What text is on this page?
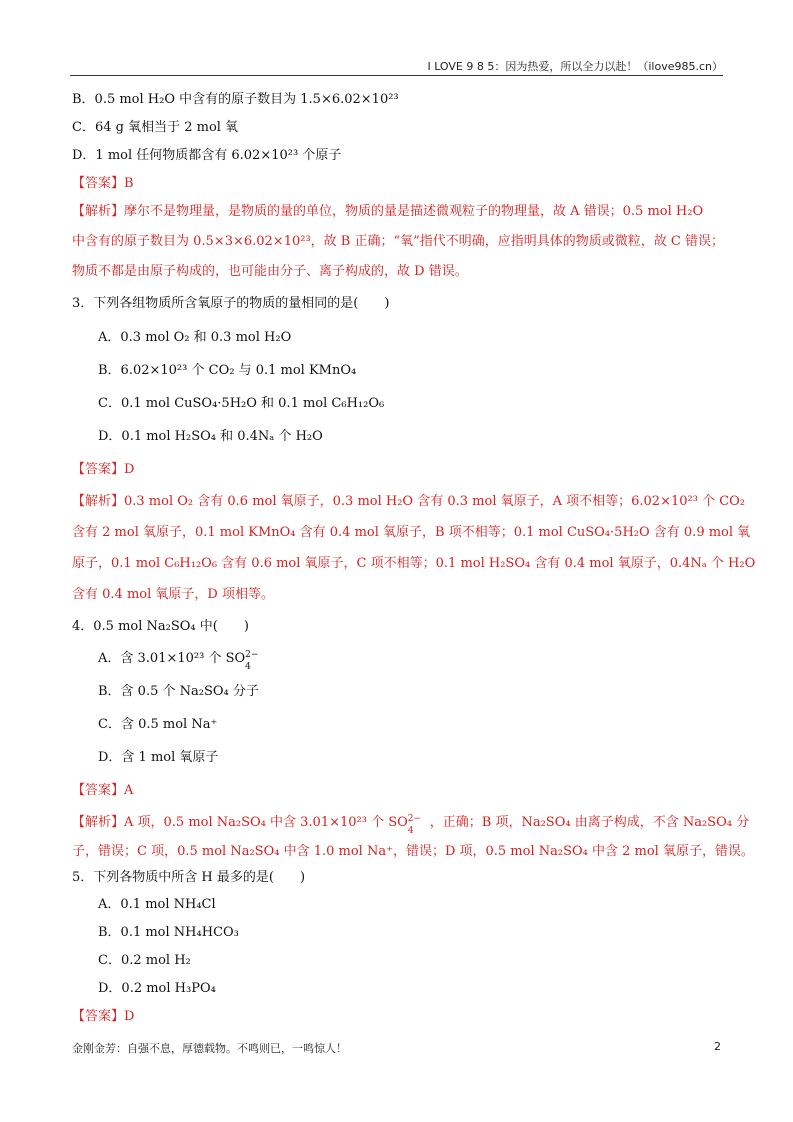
I LOVE 9 8 5：因为热爱，所以全力以赴！（ilove985.cn）
B．0.5 mol H₂O 中含有的原子数目为 1.5×6.02×10²³
C．64 g 氧相当于 2 mol 氧
D．1 mol 任何物质都含有 6.02×10²³ 个原子
【答案】B
【解析】摩尔不是物理量，是物质的量的单位，物质的量是描述微观粒子的物理量，故 A 错误；0.5 mol H₂O
中含有的原子数目为 0.5×3×6.02×10²³，故 B 正确；“氧”指代不明确，应指明具体的物质或微粒，故 C 错误；
物质不都是由原子构成的，也可能由分子、离子构成的，故 D 错误。
3．下列各组物质所含氧原子的物质的量相同的是(　　)
A．0.3 mol O₂ 和 0.3 mol H₂O
B．6.02×10²³ 个 CO₂ 与 0.1 mol KMnO₄
C．0.1 mol CuSO₄·5H₂O 和 0.1 mol C₆H₁₂O₆
D．0.1 mol H₂SO₄ 和 0.4Nₐ 个 H₂O
【答案】D
【解析】0.3 mol O₂ 含有 0.6 mol 氧原子，0.3 mol H₂O 含有 0.3 mol 氧原子，A 项不相等；6.02×10²³ 个 CO₂
含有 2 mol 氧原子，0.1 mol KMnO₄ 含有 0.4 mol 氧原子，B 项不相等；0.1 mol CuSO₄·5H₂O 含有 0.9 mol 氧
原子，0.1 mol C₆H₁₂O₆ 含有 0.6 mol 氧原子，C 项不相等；0.1 mol H₂SO₄ 含有 0.4 mol 氧原子，0.4Nₐ 个 H₂O
含有 0.4 mol 氧原子，D 项相等。
4．0.5 mol Na₂SO₄ 中(　　)
A．含 3.01×10²³ 个 SO 2−
4
B．含 0.5 个 Na₂SO₄ 分子
C．含 0.5 mol Na⁺
D．含 1 mol 氧原子
【答案】A
【解析】A 项，0.5 mol Na₂SO₄ 中含 3.01×10²³ 个 SO 2−
4
，正确；B 项，Na₂SO₄ 由离子构成，不含 Na₂SO₄ 分
子，错误；C 项，0.5 mol Na₂SO₄ 中含 1.0 mol Na⁺，错误；D 项，0.5 mol Na₂SO₄ 中含 2 mol 氧原子，错误。
5．下列各物质中所含 H 最多的是(　　)
A．0.1 mol NH₄Cl
B．0.1 mol NH₄HCO₃
C．0.2 mol H₂
D．0.2 mol H₃PO₄
【答案】D
金刚金芳：自强不息，厚德载物。不鸣则已，一鸣惊人！	2
